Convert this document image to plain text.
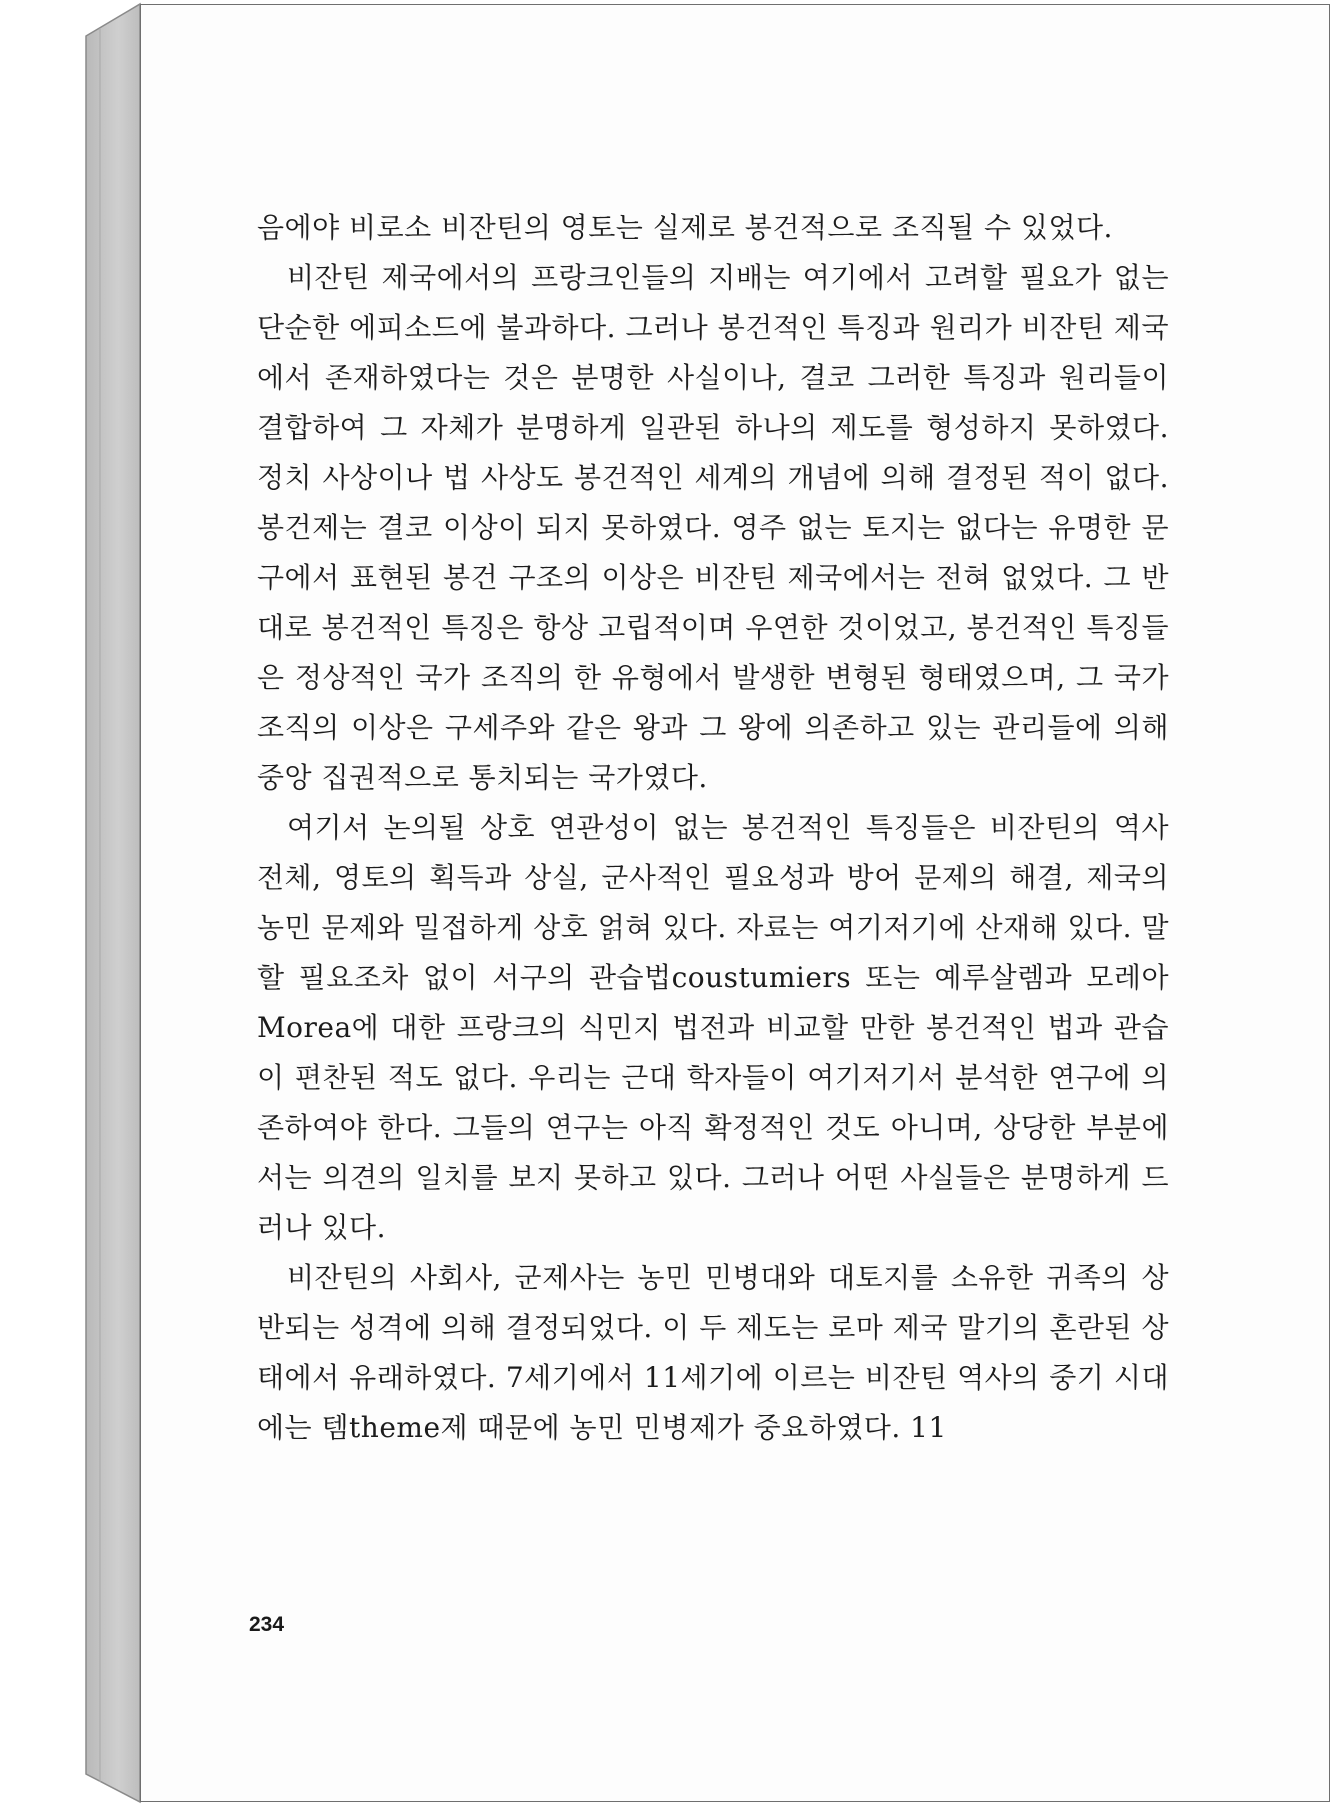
음에야 비로소 비잔틴의 영토는 실제로 봉건적으로 조직될 수 있었다.

비잔틴 제국에서의 프랑크인들의 지배는 여기에서 고려할 필요가 없는 단순한 에피소드에 불과하다. 그러나 봉건적인 특징과 원리가 비잔틴 제국에서 존재하였다는 것은 분명한 사실이나, 결코 그러한 특징과 원리들이 결합하여 그 자체가 분명하게 일관된 하나의 제도를 형성하지 못하였다. 정치 사상이나 법 사상도 봉건적인 세계의 개념에 의해 결정된 적이 없다. 봉건제는 결코 이상이 되지 못하였다. 영주 없는 토지는 없다는 유명한 문구에서 표현된 봉건 구조의 이상은 비잔틴 제국에서는 전혀 없었다. 그 반대로 봉건적인 특징은 항상 고립적이며 우연한 것이었고, 봉건적인 특징들은 정상적인 국가 조직의 한 유형에서 발생한 변형된 형태였으며, 그 국가 조직의 이상은 구세주와 같은 왕과 그 왕에 의존하고 있는 관리들에 의해 중앙 집권적으로 통치되는 국가였다.

여기서 논의될 상호 연관성이 없는 봉건적인 특징들은 비잔틴의 역사 전체, 영토의 획득과 상실, 군사적인 필요성과 방어 문제의 해결, 제국의 농민 문제와 밀접하게 상호 얽혀 있다. 자료는 여기저기에 산재해 있다. 말할 필요조차 없이 서구의 관습법coustumiers 또는 예루살렘과 모레아Morea에 대한 프랑크의 식민지 법전과 비교할 만한 봉건적인 법과 관습이 편찬된 적도 없다. 우리는 근대 학자들이 여기저기서 분석한 연구에 의존하여야 한다. 그들의 연구는 아직 확정적인 것도 아니며, 상당한 부분에서는 의견의 일치를 보지 못하고 있다. 그러나 어떤 사실들은 분명하게 드러나 있다.

비잔틴의 사회사, 군제사는 농민 민병대와 대토지를 소유한 귀족의 상반되는 성격에 의해 결정되었다. 이 두 제도는 로마 제국 말기의 혼란된 상태에서 유래하였다. 7세기에서 11세기에 이르는 비잔틴 역사의 중기 시대에는 템theme제 때문에 농민 민병제가 중요하였다. 11

234
